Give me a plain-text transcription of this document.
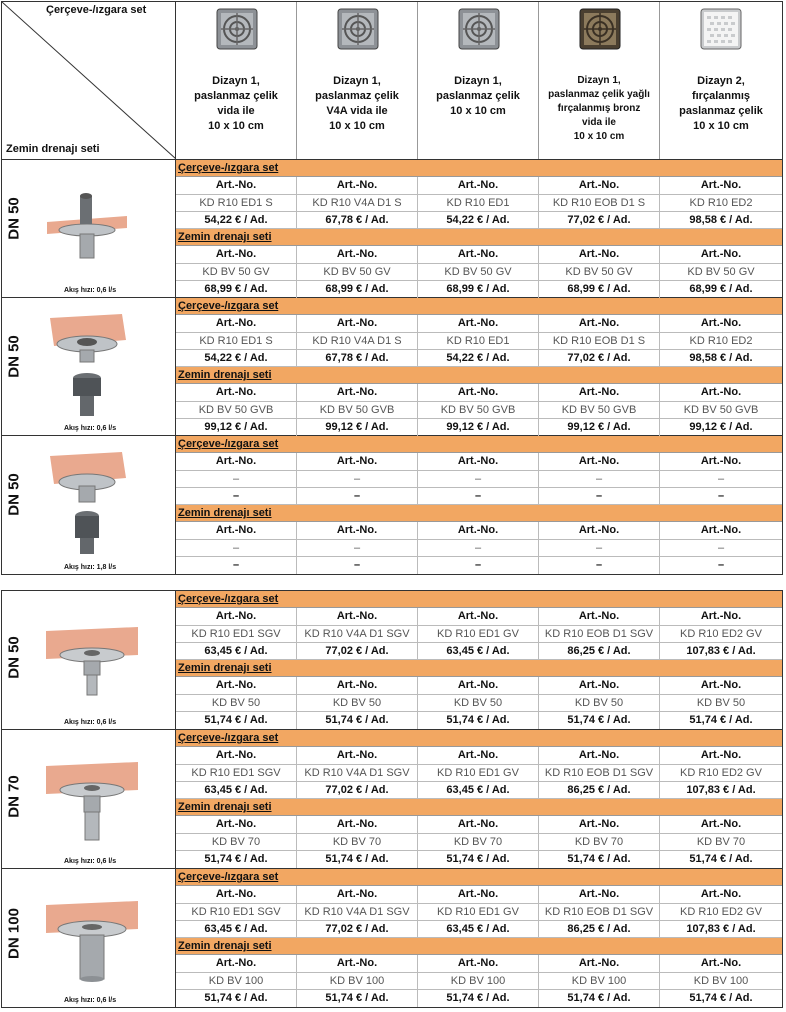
Çerçeve-/ızgara set
Zemin drenajı seti
Dizayn 1,
paslanmaz çelik
vida ile
10 x 10 cm
Dizayn 1,
paslanmaz çelik
V4A vida ile
10 x 10 cm
Dizayn 1,
paslanmaz çelik
10 x 10 cm
Dizayn 1,
paslanmaz çelik yağlı
fırçalanmış bronz
vida ile
10 x 10 cm
Dizayn 2,
fırçalanmış
paslanmaz çelik
10 x 10 cm
DN 50
Akış hızı: 0,6 l/s
Çerçeve-/ızgara set
Art.-No.	Art.-No.	Art.-No.	Art.-No.	Art.-No.
KD R10 ED1 S	KD R10 V4A D1 S	KD R10 ED1	KD R10 EOB D1 S	KD R10 ED2
54,22 € / Ad.	67,78 € / Ad.	54,22 € / Ad.	77,02 € / Ad.	98,58 € / Ad.
Zemin drenajı seti
Art.-No.	Art.-No.	Art.-No.	Art.-No.	Art.-No.
KD BV 50 GV	KD BV 50 GV	KD BV 50 GV	KD BV 50 GV	KD BV 50 GV
68,99 € / Ad.	68,99 € / Ad.	68,99 € / Ad.	68,99 € / Ad.	68,99 € / Ad.
DN 50
Akış hızı: 0,6 l/s
Çerçeve-/ızgara set
Art.-No.	Art.-No.	Art.-No.	Art.-No.	Art.-No.
KD R10 ED1 S	KD R10 V4A D1 S	KD R10 ED1	KD R10 EOB D1 S	KD R10 ED2
54,22 € / Ad.	67,78 € / Ad.	54,22 € / Ad.	77,02 € / Ad.	98,58 € / Ad.
Zemin drenajı seti
Art.-No.	Art.-No.	Art.-No.	Art.-No.	Art.-No.
KD BV 50 GVB	KD BV 50 GVB	KD BV 50 GVB	KD BV 50 GVB	KD BV 50 GVB
99,12 € / Ad.	99,12 € / Ad.	99,12 € / Ad.	99,12 € / Ad.	99,12 € / Ad.
DN 50
Akış hızı: 1,8 l/s
Çerçeve-/ızgara set
Art.-No.	Art.-No.	Art.-No.	Art.-No.	Art.-No.
–	–	–	–	–
–	–	–	–	–
Zemin drenajı seti
Art.-No.	Art.-No.	Art.-No.	Art.-No.	Art.-No.
–	–	–	–	–
–	–	–	–	–
DN 50
Akış hızı: 0,6 l/s
Çerçeve-/ızgara set
Art.-No.	Art.-No.	Art.-No.	Art.-No.	Art.-No.
KD R10 ED1 SGV	KD R10 V4A D1 SGV	KD R10 ED1 GV	KD R10 EOB D1 SGV	KD R10 ED2 GV
63,45 € / Ad.	77,02 € / Ad.	63,45 € / Ad.	86,25 € / Ad.	107,83 € / Ad.
Zemin drenajı seti
Art.-No.	Art.-No.	Art.-No.	Art.-No.	Art.-No.
KD BV 50	KD BV 50	KD BV 50	KD BV 50	KD BV 50
51,74 € / Ad.	51,74 € / Ad.	51,74 € / Ad.	51,74 € / Ad.	51,74 € / Ad.
DN 70
Akış hızı: 0,6 l/s
Çerçeve-/ızgara set
Art.-No.	Art.-No.	Art.-No.	Art.-No.	Art.-No.
KD R10 ED1 SGV	KD R10 V4A D1 SGV	KD R10 ED1 GV	KD R10 EOB D1 SGV	KD R10 ED2 GV
63,45 € / Ad.	77,02 € / Ad.	63,45 € / Ad.	86,25 € / Ad.	107,83 € / Ad.
Zemin drenajı seti
Art.-No.	Art.-No.	Art.-No.	Art.-No.	Art.-No.
KD BV 70	KD BV 70	KD BV 70	KD BV 70	KD BV 70
51,74 € / Ad.	51,74 € / Ad.	51,74 € / Ad.	51,74 € / Ad.	51,74 € / Ad.
DN 100
Akış hızı: 0,6 l/s
Çerçeve-/ızgara set
Art.-No.	Art.-No.	Art.-No.	Art.-No.	Art.-No.
KD R10 ED1 SGV	KD R10 V4A D1 SGV	KD R10 ED1 GV	KD R10 EOB D1 SGV	KD R10 ED2 GV
63,45 € / Ad.	77,02 € / Ad.	63,45 € / Ad.	86,25 € / Ad.	107,83 € / Ad.
Zemin drenajı seti
Art.-No.	Art.-No.	Art.-No.	Art.-No.	Art.-No.
KD BV 100	KD BV 100	KD BV 100	KD BV 100	KD BV 100
51,74 € / Ad.	51,74 € / Ad.	51,74 € / Ad.	51,74 € / Ad.	51,74 € / Ad.
